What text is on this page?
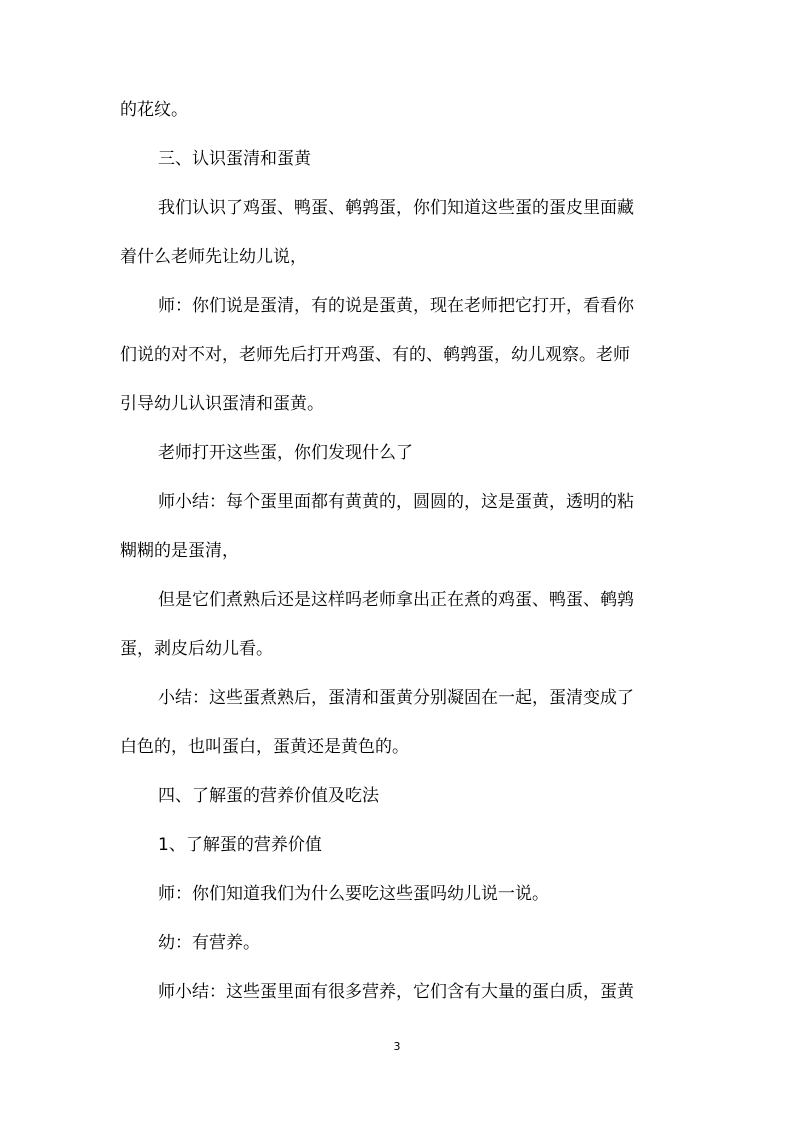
的花纹。

三、认识蛋清和蛋黄

我们认识了鸡蛋、鸭蛋、鹌鹑蛋，你们知道这些蛋的蛋皮里面藏

着什么老师先让幼儿说，

师：你们说是蛋清，有的说是蛋黄，现在老师把它打开，看看你

们说的对不对，老师先后打开鸡蛋、有的、鹌鹑蛋，幼儿观察。老师

引导幼儿认识蛋清和蛋黄。

老师打开这些蛋，你们发现什么了

师小结：每个蛋里面都有黄黄的，圆圆的，这是蛋黄，透明的粘

糊糊的是蛋清，

但是它们煮熟后还是这样吗老师拿出正在煮的鸡蛋、鸭蛋、鹌鹑

蛋，剥皮后幼儿看。

小结：这些蛋煮熟后，蛋清和蛋黄分别凝固在一起，蛋清变成了

白色的，也叫蛋白，蛋黄还是黄色的。

四、了解蛋的营养价值及吃法

1、了解蛋的营养价值

师：你们知道我们为什么要吃这些蛋吗幼儿说一说。

幼：有营养。

师小结：这些蛋里面有很多营养，它们含有大量的蛋白质，蛋黄

3
